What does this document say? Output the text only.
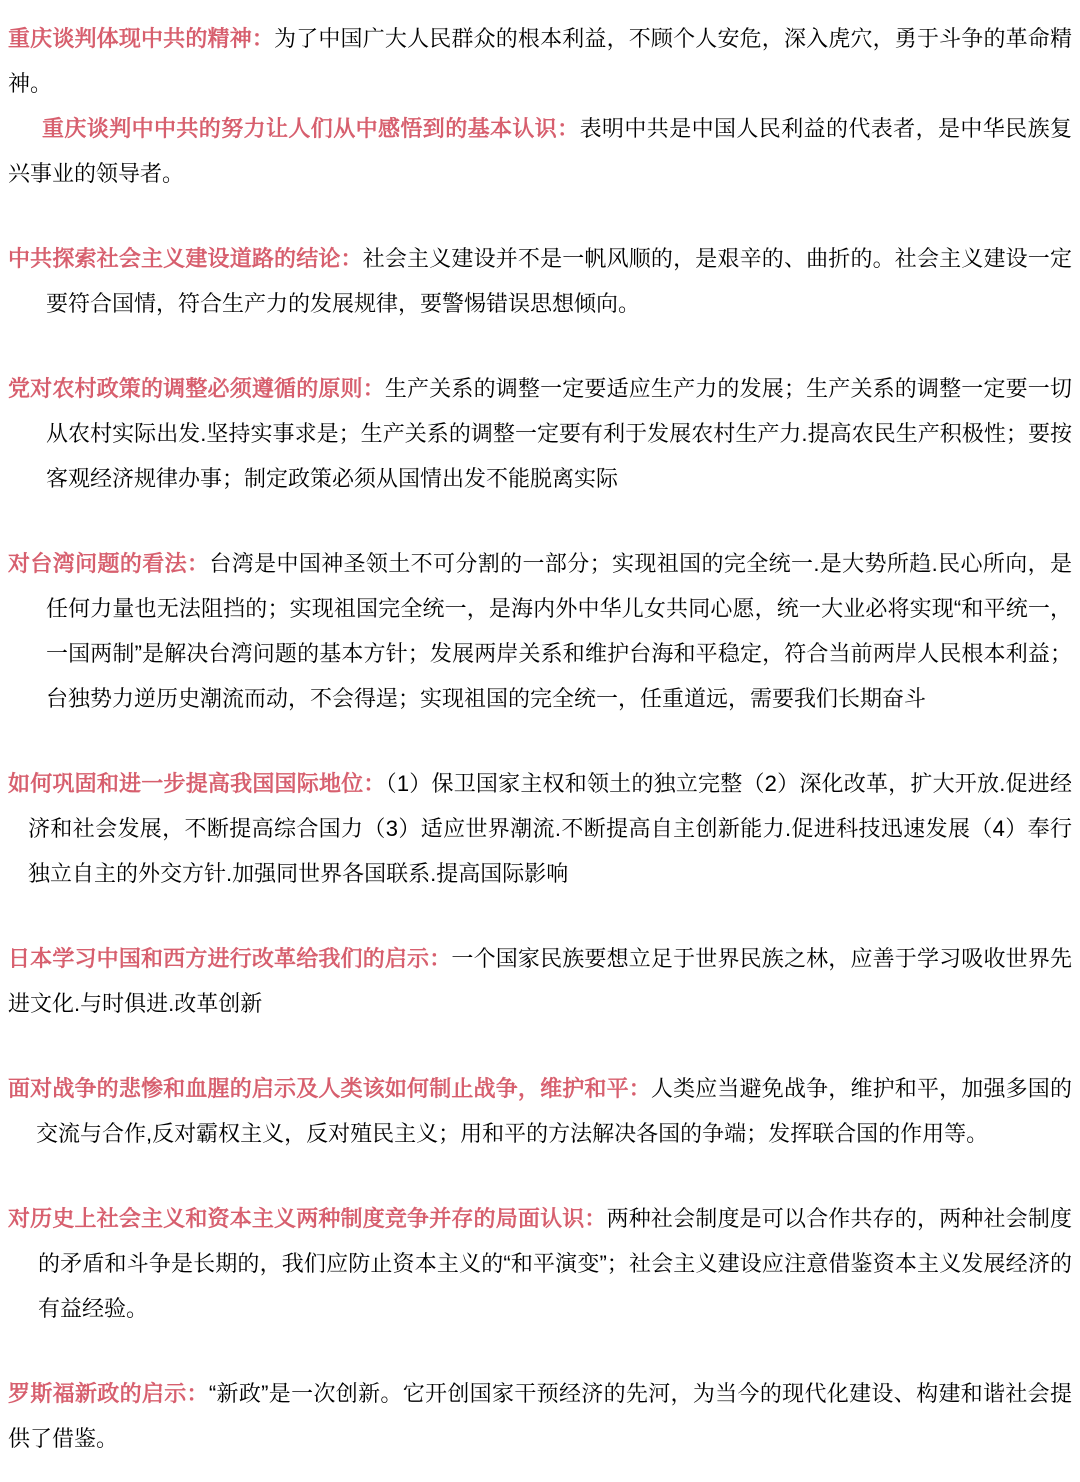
重庆谈判体现中共的精神：为了中国广大人民群众的根本利益，不顾个人安危，深入虎穴，勇于斗争的革命精神。

重庆谈判中中共的努力让人们从中感悟到的基本认识：表明中共是中国人民利益的代表者，是中华民族复兴事业的领导者。

中共探索社会主义建设道路的结论：社会主义建设并不是一帆风顺的，是艰辛的、曲折的。社会主义建设一定要符合国情，符合生产力的发展规律，要警惕错误思想倾向。

党对农村政策的调整必须遵循的原则：生产关系的调整一定要适应生产力的发展；生产关系的调整一定要一切从农村实际出发.坚持实事求是；生产关系的调整一定要有利于发展农村生产力.提高农民生产积极性；要按客观经济规律办事；制定政策必须从国情出发不能脱离实际

对台湾问题的看法：台湾是中国神圣领土不可分割的一部分；实现祖国的完全统一.是大势所趋.民心所向，是任何力量也无法阻挡的；实现祖国完全统一，是海内外中华儿女共同心愿，统一大业必将实现“和平统一，一国两制”是解决台湾问题的基本方针；发展两岸关系和维护台海和平稳定，符合当前两岸人民根本利益；台独势力逆历史潮流而动，不会得逞；实现祖国的完全统一，任重道远，需要我们长期奋斗

如何巩固和进一步提高我国国际地位：（1）保卫国家主权和领土的独立完整（2）深化改革，扩大开放.促进经济和社会发展，不断提高综合国力（3）适应世界潮流.不断提高自主创新能力.促进科技迅速发展（4）奉行独立自主的外交方针.加强同世界各国联系.提高国际影响

日本学习中国和西方进行改革给我们的启示：一个国家民族要想立足于世界民族之林，应善于学习吸收世界先进文化.与时俱进.改革创新

面对战争的悲惨和血腥的启示及人类该如何制止战争，维护和平：人类应当避免战争，维护和平，加强多国的交流与合作,反对霸权主义，反对殖民主义；用和平的方法解决各国的争端；发挥联合国的作用等。

对历史上社会主义和资本主义两种制度竞争并存的局面认识：两种社会制度是可以合作共存的，两种社会制度的矛盾和斗争是长期的，我们应防止资本主义的“和平演变”；社会主义建设应注意借鉴资本主义发展经济的有益经验。

罗斯福新政的启示：“新政”是一次创新。它开创国家干预经济的先河，为当今的现代化建设、构建和谐社会提供了借鉴。
